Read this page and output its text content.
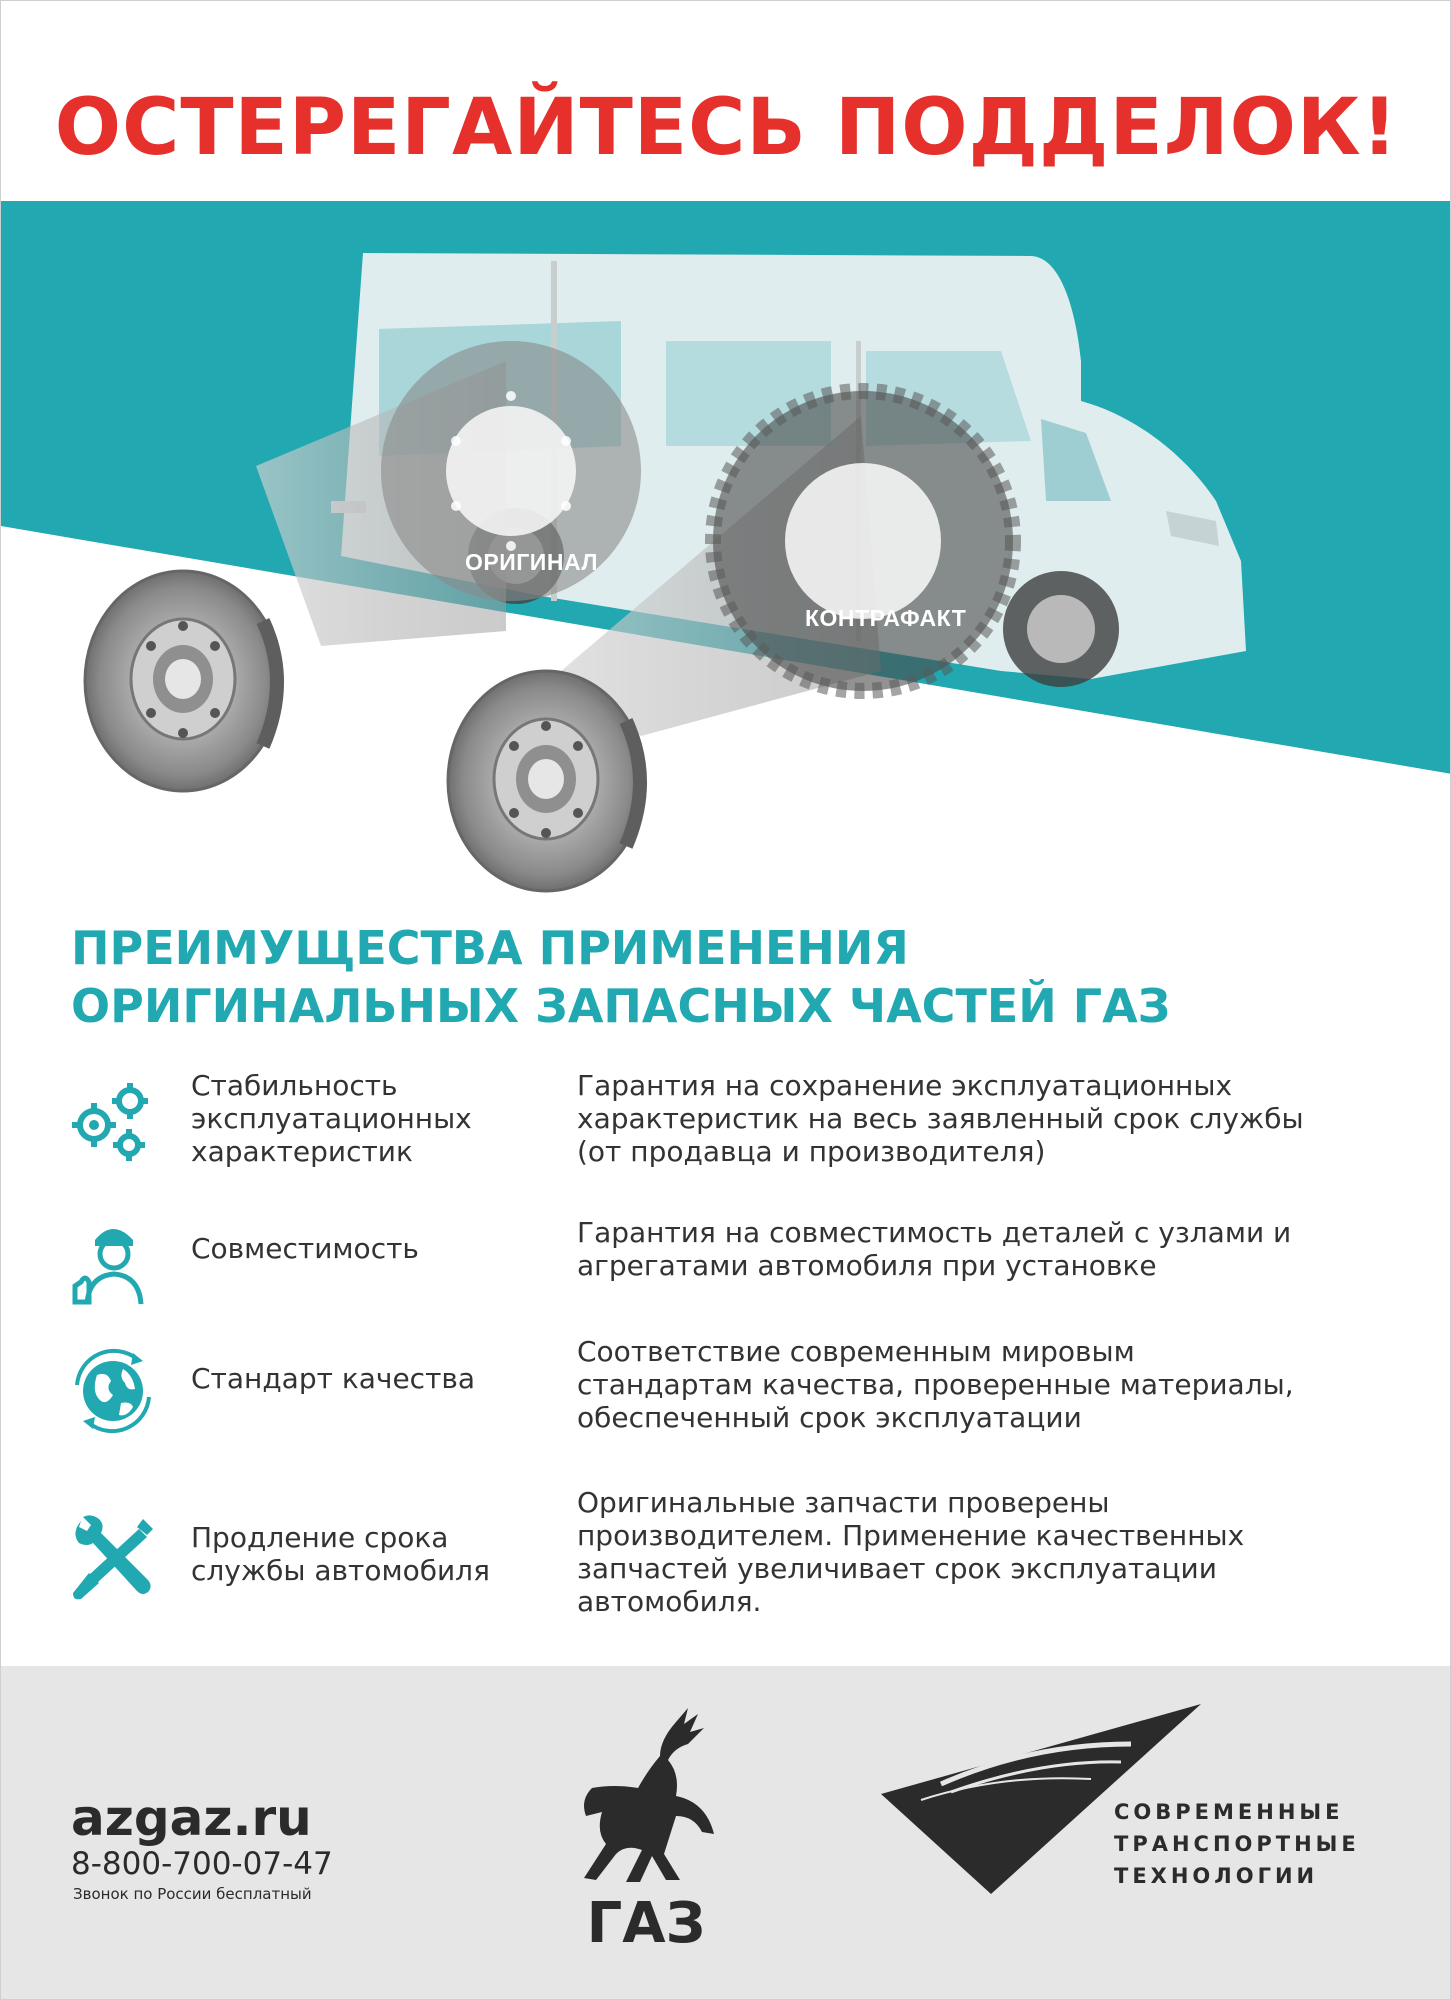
ОСТЕРЕГАЙТЕСЬ ПОДДЕЛОК!
ОРИГИНАЛ
КОНТРАФАКТ
ПРЕИМУЩЕСТВА ПРИМЕНЕНИЯ
ОРИГИНАЛЬНЫХ ЗАПАСНЫХ ЧАСТЕЙ ГАЗ
Стабильность
эксплуатационных
характеристик
Гарантия на сохранение эксплуатационных
характеристик на весь заявленный срок службы
(от продавца и производителя)
Совместимость	Гарантия на совместимость деталей с узлами и
агрегатами автомобиля при установке
Стандарт качества
Соответствие современным мировым
стандартам качества, проверенные материалы,
обеспеченный срок эксплуатации
Продление срока
службы автомобиля
Оригинальные запчасти проверены
производителем. Применение качественных
запчастей увеличивает срок эксплуатации
автомобиля.
azgaz.ru
8-800-700-07-47
Звонок по России бесплатный	ГАЗ
СОВРЕМЕННЫЕ
ТРАНСПОРТНЫЕ
ТЕХНОЛОГИИ
